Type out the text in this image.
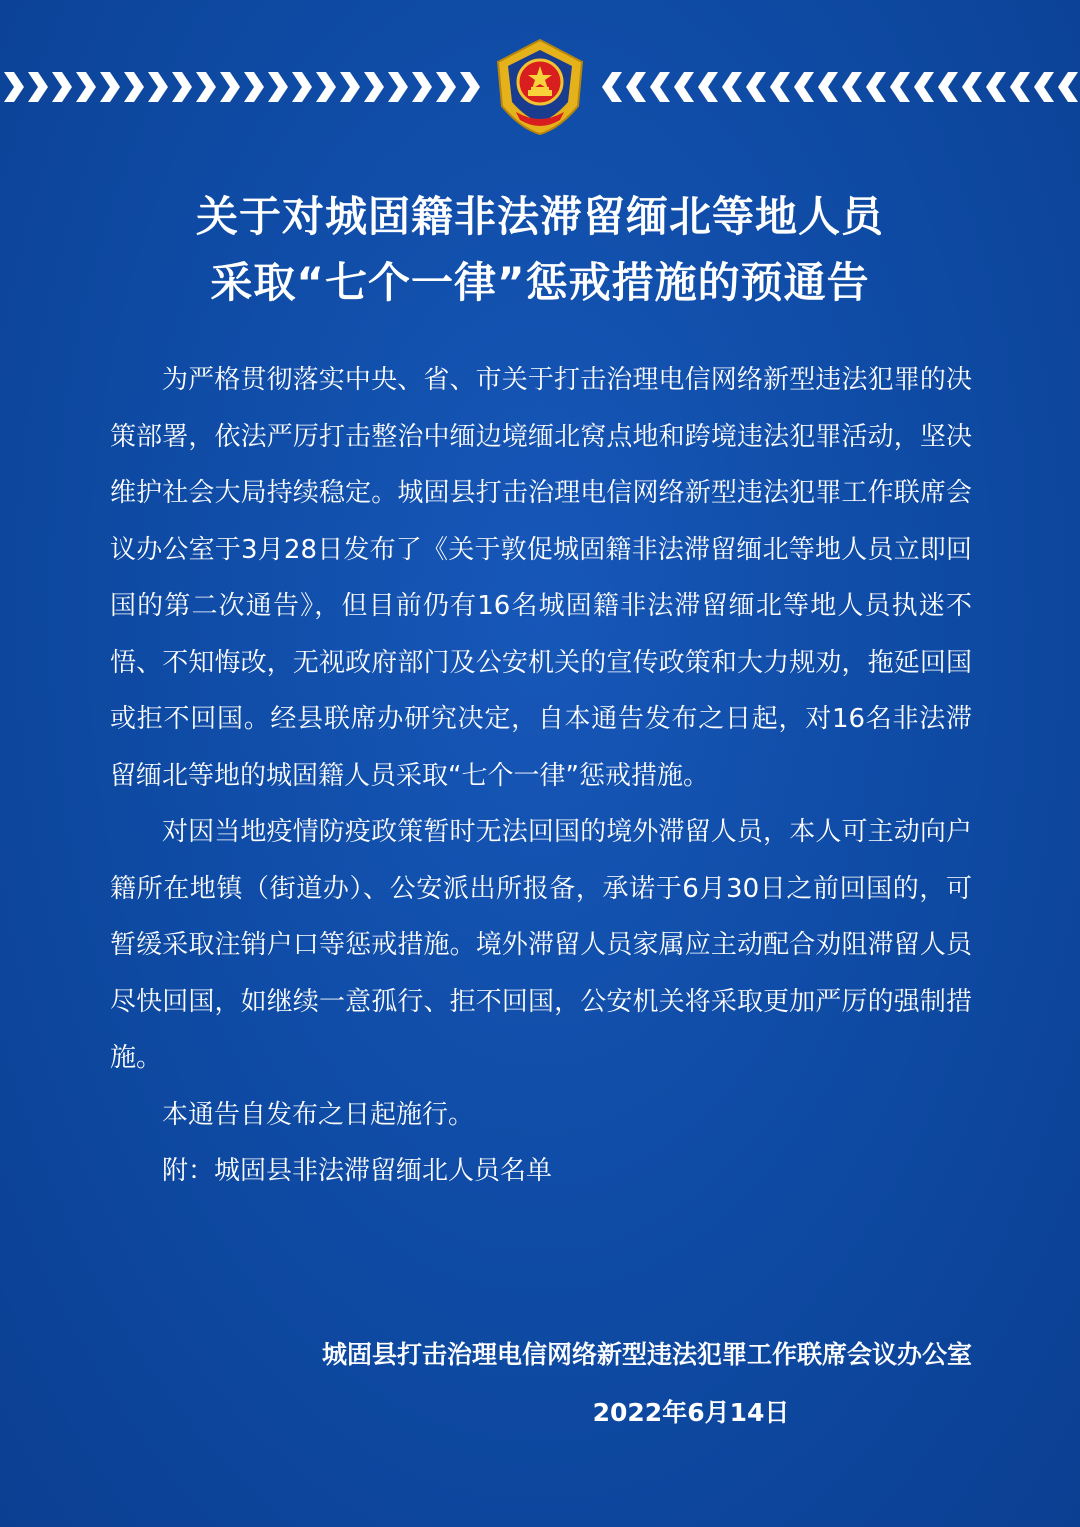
关于对城固籍非法滞留缅北等地人员
采取“七个一律”惩戒措施的预通告

为严格贯彻落实中央、省、市关于打击治理电信网络新型违法犯罪的决策部署，依法严厉打击整治中缅边境缅北窝点地和跨境违法犯罪活动，坚决维护社会大局持续稳定。城固县打击治理电信网络新型违法犯罪工作联席会议办公室于3月28日发布了《关于敦促城固籍非法滞留缅北等地人员立即回国的第二次通告》，但目前仍有16名城固籍非法滞留缅北等地人员执迷不悟、不知悔改，无视政府部门及公安机关的宣传政策和大力规劝，拖延回国或拒不回国。经县联席办研究决定，自本通告发布之日起，对16名非法滞留缅北等地的城固籍人员采取“七个一律”惩戒措施。

对因当地疫情防疫政策暂时无法回国的境外滞留人员，本人可主动向户籍所在地镇（街道办）、公安派出所报备，承诺于6月30日之前回国的，可暂缓采取注销户口等惩戒措施。境外滞留人员家属应主动配合劝阻滞留人员尽快回国，如继续一意孤行、拒不回国，公安机关将采取更加严厉的强制措施。

本通告自发布之日起施行。

附：城固县非法滞留缅北人员名单

城固县打击治理电信网络新型违法犯罪工作联席会议办公室
2022年6月14日
